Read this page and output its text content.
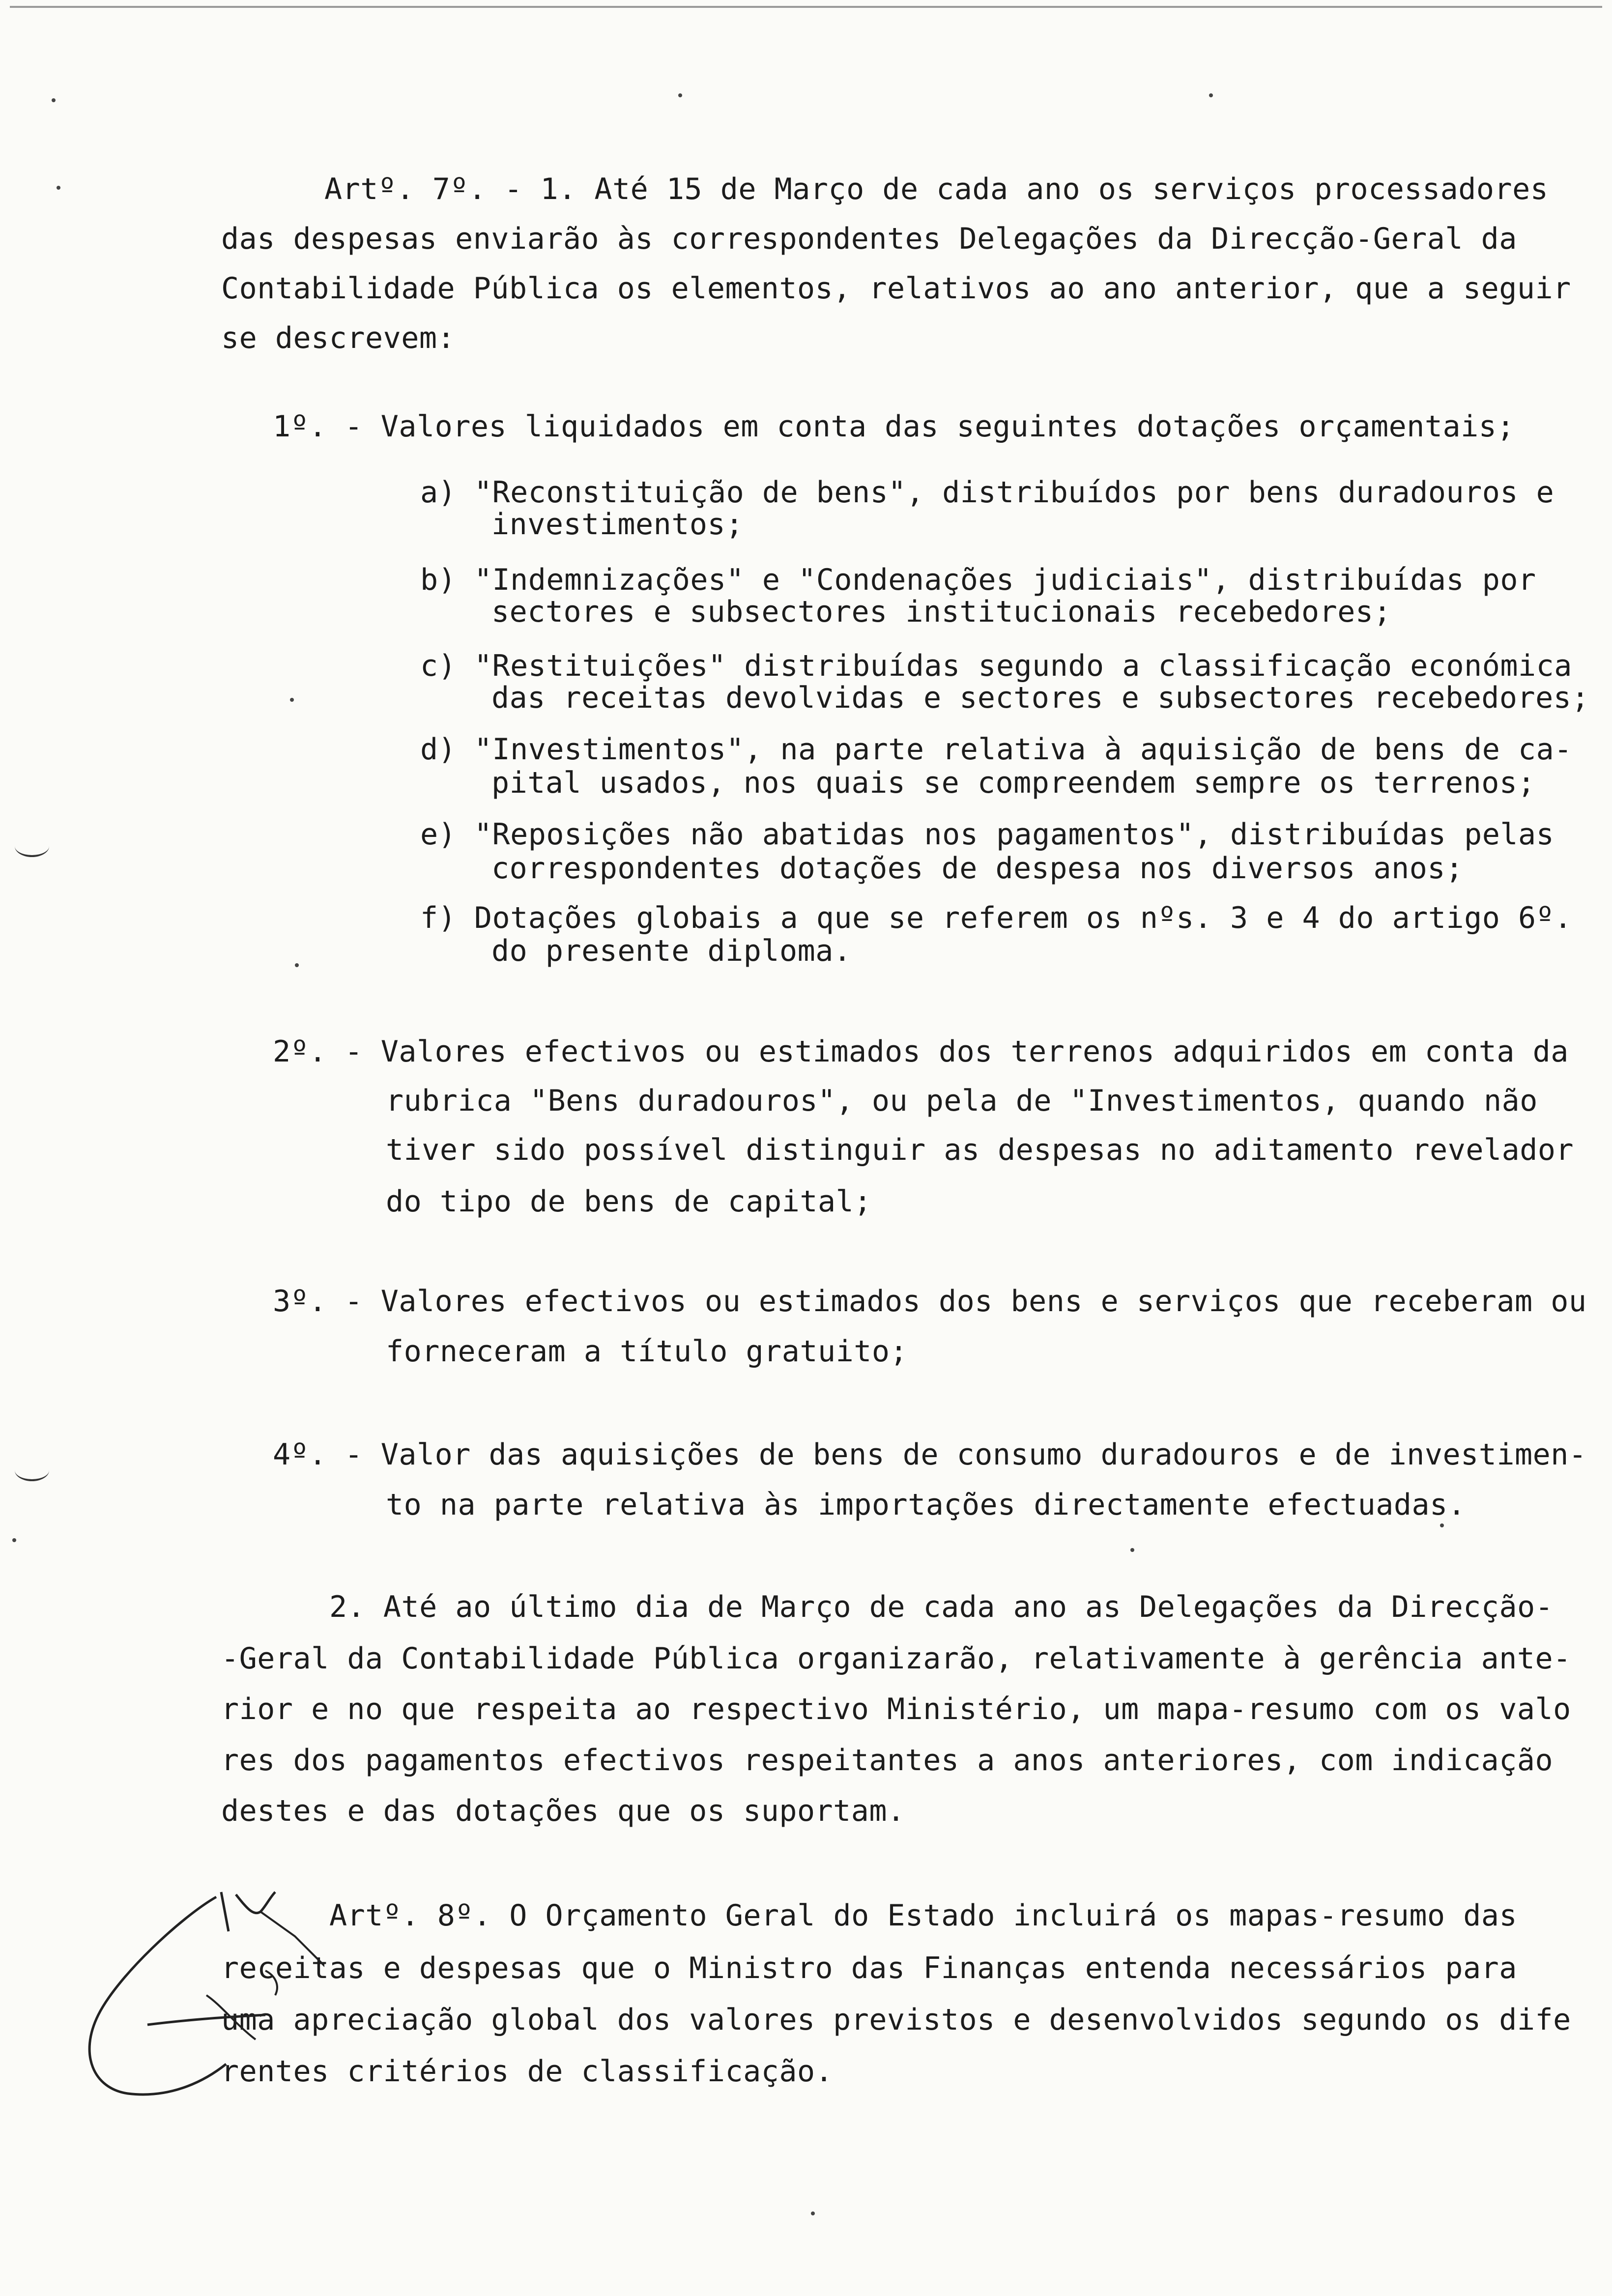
Artº. 7º. - 1. Até 15 de Março de cada ano os serviços processadores
das despesas enviarão às correspondentes Delegações da Direcção-Geral da
Contabilidade Pública os elementos, relativos ao ano anterior, que a seguir
se descrevem:
1º. - Valores liquidados em conta das seguintes dotações orçamentais;
a) "Reconstituição de bens", distribuídos por bens duradouros e
investimentos;
b) "Indemnizações" e "Condenações judiciais", distribuídas por
sectores e subsectores institucionais recebedores;
c) "Restituições" distribuídas segundo a classificação económica
das receitas devolvidas e sectores e subsectores recebedores;
d) "Investimentos", na parte relativa à aquisição de bens de ca-
pital usados, nos quais se compreendem sempre os terrenos;
e) "Reposições não abatidas nos pagamentos", distribuídas pelas
correspondentes dotações de despesa nos diversos anos;
f) Dotações globais a que se referem os nºs. 3 e 4 do artigo 6º.
do presente diploma.
2º. - Valores efectivos ou estimados dos terrenos adquiridos em conta da
rubrica "Bens duradouros", ou pela de "Investimentos, quando não
tiver sido possível distinguir as despesas no aditamento revelador
do tipo de bens de capital;
3º. - Valores efectivos ou estimados dos bens e serviços que receberam ou
forneceram a título gratuito;
4º. - Valor das aquisições de bens de consumo duradouros e de investimen-
to na parte relativa às importações directamente efectuadas.
2. Até ao último dia de Março de cada ano as Delegações da Direcção-
-Geral da Contabilidade Pública organizarão, relativamente à gerência ante-
rior e no que respeita ao respectivo Ministério, um mapa-resumo com os valo
res dos pagamentos efectivos respeitantes a anos anteriores, com indicação
destes e das dotações que os suportam.
Artº. 8º. O Orçamento Geral do Estado incluirá os mapas-resumo das
receitas e despesas que o Ministro das Finanças entenda necessários para
uma apreciação global dos valores previstos e desenvolvidos segundo os dife
rentes critérios de classificação.
